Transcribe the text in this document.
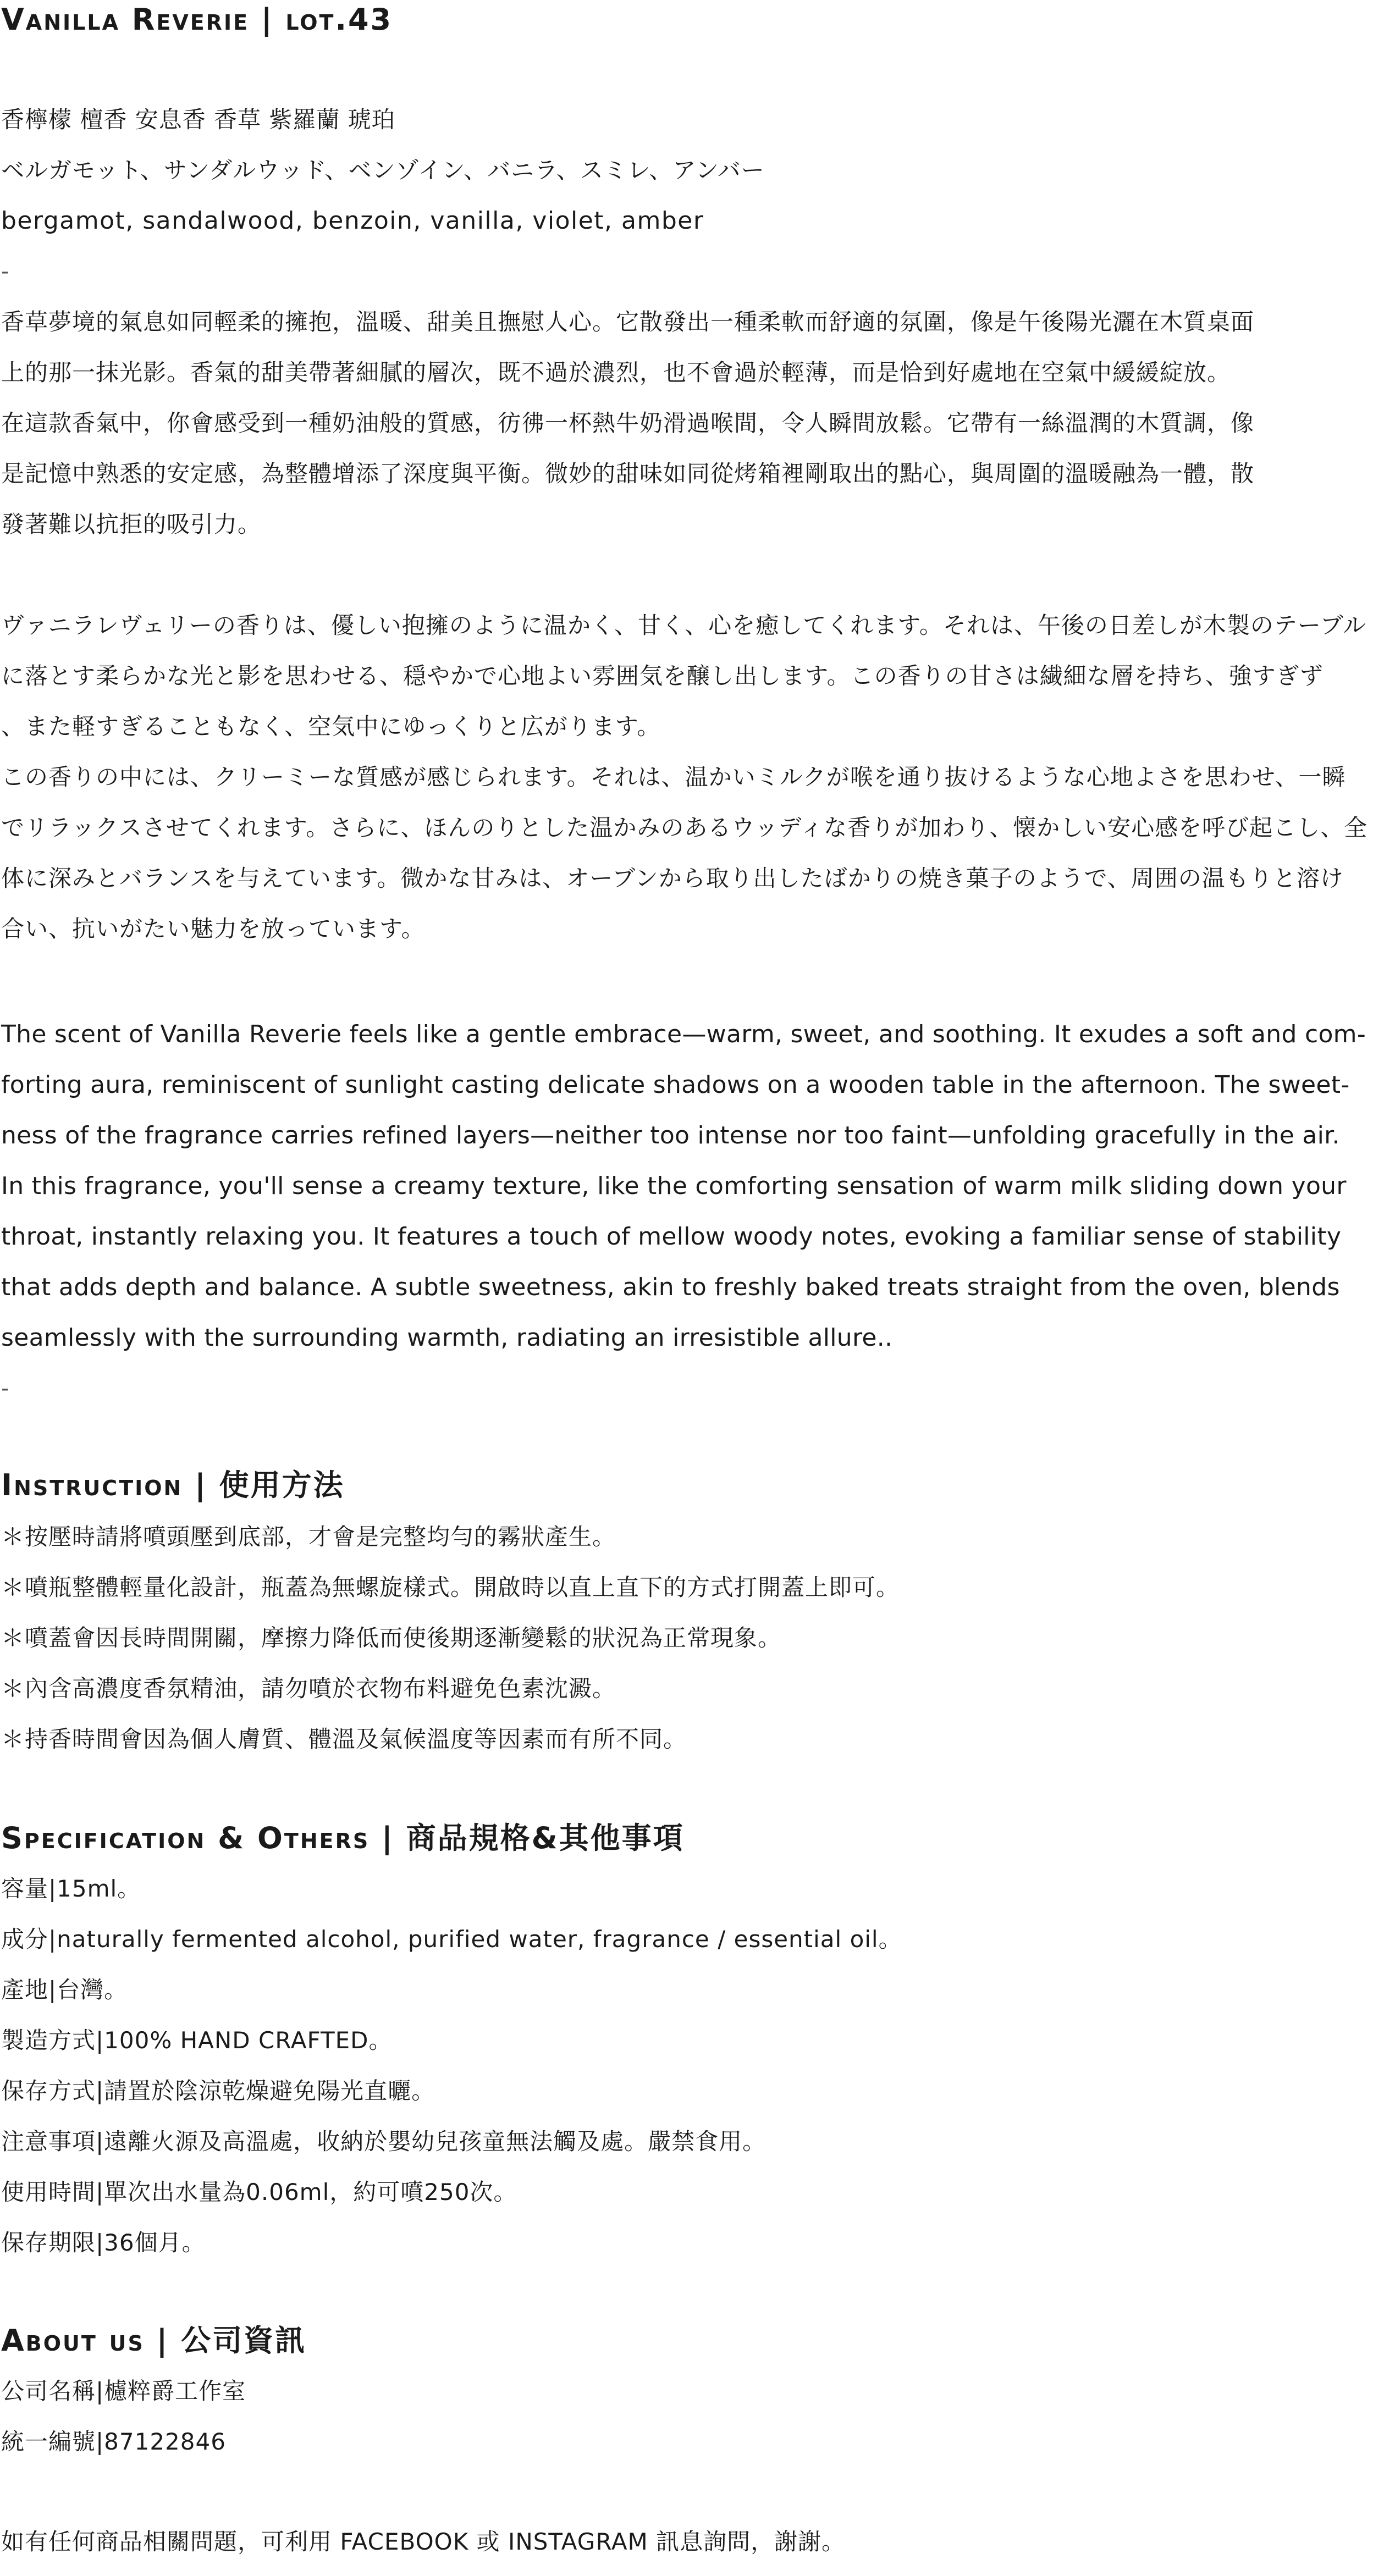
Vanilla Reverie | lot.43
香檸檬 檀香 安息香 香草 紫羅蘭 琥珀
ベルガモット、サンダルウッド、ベンゾイン、バニラ、スミレ、アンバー
bergamot, sandalwood, benzoin, vanilla, violet, amber
-
香草夢境的氣息如同輕柔的擁抱，溫暖、甜美且撫慰人心。它散發出一種柔軟而舒適的氛圍，像是午後陽光灑在木質桌面
上的那一抹光影。香氣的甜美帶著細膩的層次，既不過於濃烈，也不會過於輕薄，而是恰到好處地在空氣中緩緩綻放。
在這款香氣中，你會感受到一種奶油般的質感，彷彿一杯熱牛奶滑過喉間，令人瞬間放鬆。它帶有一絲溫潤的木質調，像
是記憶中熟悉的安定感，為整體增添了深度與平衡。微妙的甜味如同從烤箱裡剛取出的點心，與周圍的溫暖融為一體，散
發著難以抗拒的吸引力。
ヴァニラレヴェリーの香りは、優しい抱擁のように温かく、甘く、心を癒してくれます。それは、午後の日差しが木製のテーブル
に落とす柔らかな光と影を思わせる、穏やかで心地よい雰囲気を醸し出します。この香りの甘さは繊細な層を持ち、強すぎず
、また軽すぎることもなく、空気中にゆっくりと広がります。
この香りの中には、クリーミーな質感が感じられます。それは、温かいミルクが喉を通り抜けるような心地よさを思わせ、一瞬
でリラックスさせてくれます。さらに、ほんのりとした温かみのあるウッディな香りが加わり、懐かしい安心感を呼び起こし、全
体に深みとバランスを与えています。微かな甘みは、オーブンから取り出したばかりの焼き菓子のようで、周囲の温もりと溶け
合い、抗いがたい魅力を放っています。
The scent of Vanilla Reverie feels like a gentle embrace—warm, sweet, and soothing. It exudes a soft and com-
forting aura, reminiscent of sunlight casting delicate shadows on a wooden table in the afternoon. The sweet-
ness of the fragrance carries refined layers—neither too intense nor too faint—unfolding gracefully in the air.
In this fragrance, you'll sense a creamy texture, like the comforting sensation of warm milk sliding down your
throat, instantly relaxing you. It features a touch of mellow woody notes, evoking a familiar sense of stability
that adds depth and balance. A subtle sweetness, akin to freshly baked treats straight from the oven, blends
seamlessly with the surrounding warmth, radiating an irresistible allure..
-
Instruction | 使用方法
＊按壓時請將噴頭壓到底部，才會是完整均勻的霧狀產生。
＊噴瓶整體輕量化設計，瓶蓋為無螺旋樣式。開啟時以直上直下的方式打開蓋上即可。
＊噴蓋會因長時間開關，摩擦力降低而使後期逐漸變鬆的狀況為正常現象。
＊內含高濃度香氛精油，請勿噴於衣物布料避免色素沈澱。
＊持香時間會因為個人膚質、體溫及氣候溫度等因素而有所不同。
Specification & Others | 商品規格&其他事項
容量|15ml。
成分|naturally fermented alcohol, purified water, fragrance / essential oil。
產地|台灣。
製造方式|100% HAND CRAFTED。
保存方式|請置於陰涼乾燥避免陽光直曬。
注意事項|遠離火源及高溫處，收納於嬰幼兒孩童無法觸及處。嚴禁食用。
使用時間|單次出水量為0.06ml，約可噴250次。
保存期限|36個月。
About us | 公司資訊
公司名稱|櫖粹爵工作室
統一編號|87122846
如有任何商品相關問題，可利用 FACEBOOK 或 INSTAGRAM 訊息詢問，謝謝。
